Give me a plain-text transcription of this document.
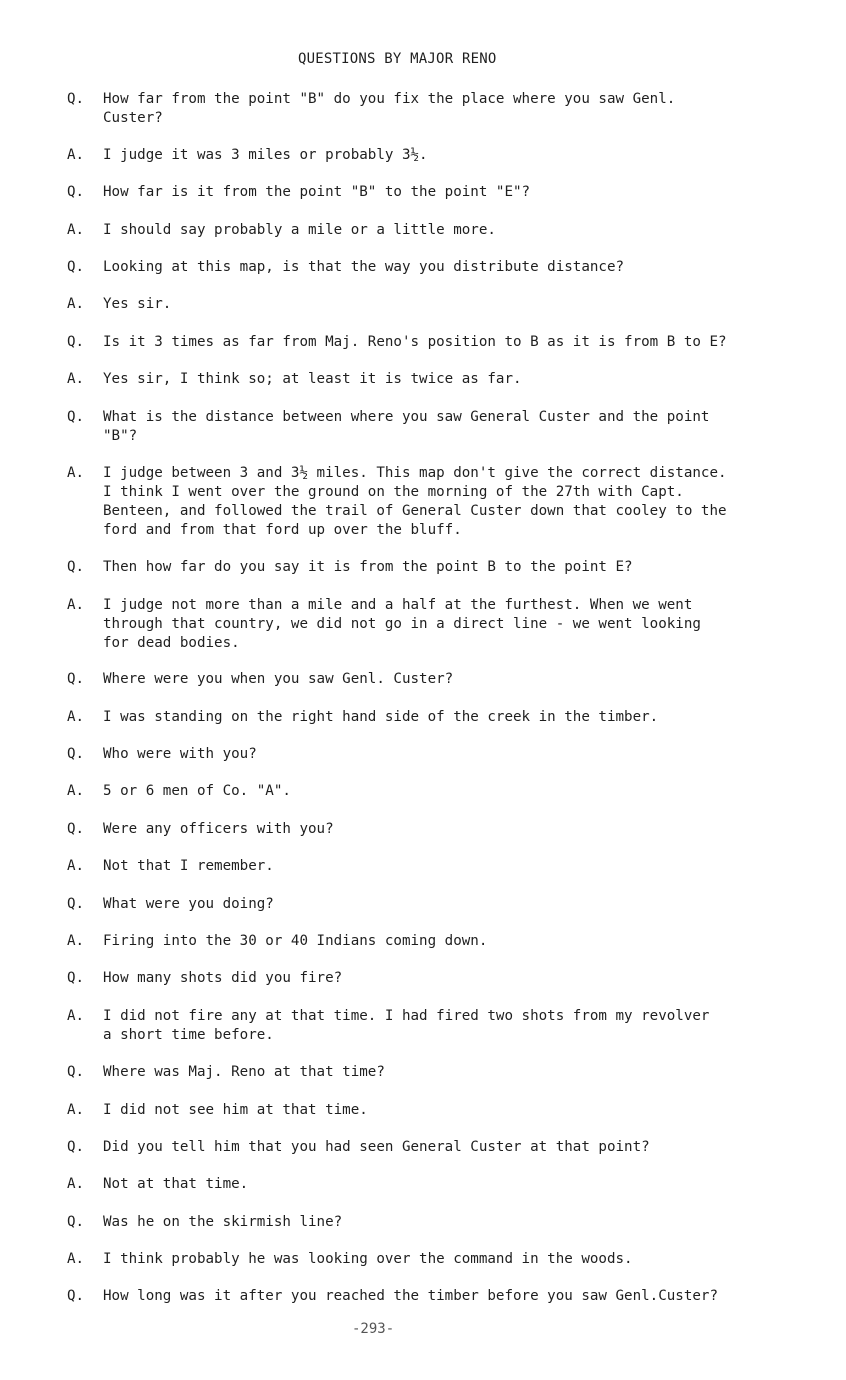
QUESTIONS BY MAJOR RENO
Q.	How far from the point "B" do you fix the place where you saw Genl.
Custer?
A.	I judge it was 3 miles or probably 3½.
Q.	How far is it from the point "B" to the point "E"?
A.	I should say probably a mile or a little more.
Q.	Looking at this map, is that the way you distribute distance?
A.	Yes sir.
Q.	Is it 3 times as far from Maj. Reno's position to B as it is from B to E?
A.	Yes sir, I think so; at least it is twice as far.
Q.	What is the distance between where you saw General Custer and the point
"B"?
A.	I judge between 3 and 3½ miles. This map don't give the correct distance.
I think I went over the ground on the morning of the 27th with Capt.
Benteen, and followed the trail of General Custer down that cooley to the
ford and from that ford up over the bluff.
Q.	Then how far do you say it is from the point B to the point E?
A.	I judge not more than a mile and a half at the furthest. When we went
through that country, we did not go in a direct line - we went looking
for dead bodies.
Q.	Where were you when you saw Genl. Custer?
A.	I was standing on the right hand side of the creek in the timber.
Q.	Who were with you?
A.	5 or 6 men of Co. "A".
Q.	Were any officers with you?
A.	Not that I remember.
Q.	What were you doing?
A.	Firing into the 30 or 40 Indians coming down.
Q.	How many shots did you fire?
A.	I did not fire any at that time. I had fired two shots from my revolver
a short time before.
Q.	Where was Maj. Reno at that time?
A.	I did not see him at that time.
Q.	Did you tell him that you had seen General Custer at that point?
A.	Not at that time.
Q.	Was he on the skirmish line?
A.	I think probably he was looking over the command in the woods.
Q.	How long was it after you reached the timber before you saw Genl.Custer?
-293-
